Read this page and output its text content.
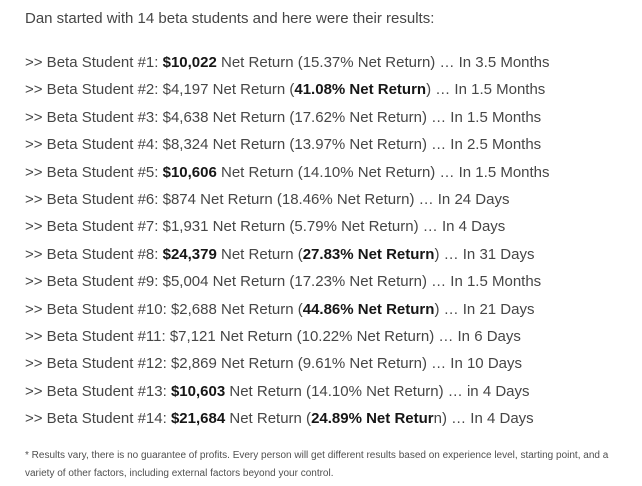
Dan started with 14 beta students and here were their results:
>> Beta Student #1: $10,022 Net Return (15.37% Net Return) … In 3.5 Months
>> Beta Student #2: $4,197 Net Return (41.08% Net Return) … In 1.5 Months
>> Beta Student #3: $4,638 Net Return (17.62% Net Return) … In 1.5 Months
>> Beta Student #4: $8,324 Net Return (13.97% Net Return) … In 2.5 Months
>> Beta Student #5: $10,606 Net Return (14.10% Net Return) … In 1.5 Months
>> Beta Student #6: $874 Net Return (18.46% Net Return) … In 24 Days
>> Beta Student #7: $1,931 Net Return (5.79% Net Return) … In 4 Days
>> Beta Student #8: $24,379 Net Return (27.83% Net Return) … In 31 Days
>> Beta Student #9: $5,004 Net Return (17.23% Net Return) … In 1.5 Months
>> Beta Student #10: $2,688 Net Return (44.86% Net Return) … In 21 Days
>> Beta Student #11: $7,121 Net Return (10.22% Net Return) … In 6 Days
>> Beta Student #12: $2,869 Net Return (9.61% Net Return) … In 10 Days
>> Beta Student #13: $10,603 Net Return (14.10% Net Return) … in 4 Days
>> Beta Student #14: $21,684 Net Return (24.89% Net Return) … In 4 Days
* Results vary, there is no guarantee of profits. Every person will get different results based on experience level, starting point, and a variety of other factors, including external factors beyond your control.
